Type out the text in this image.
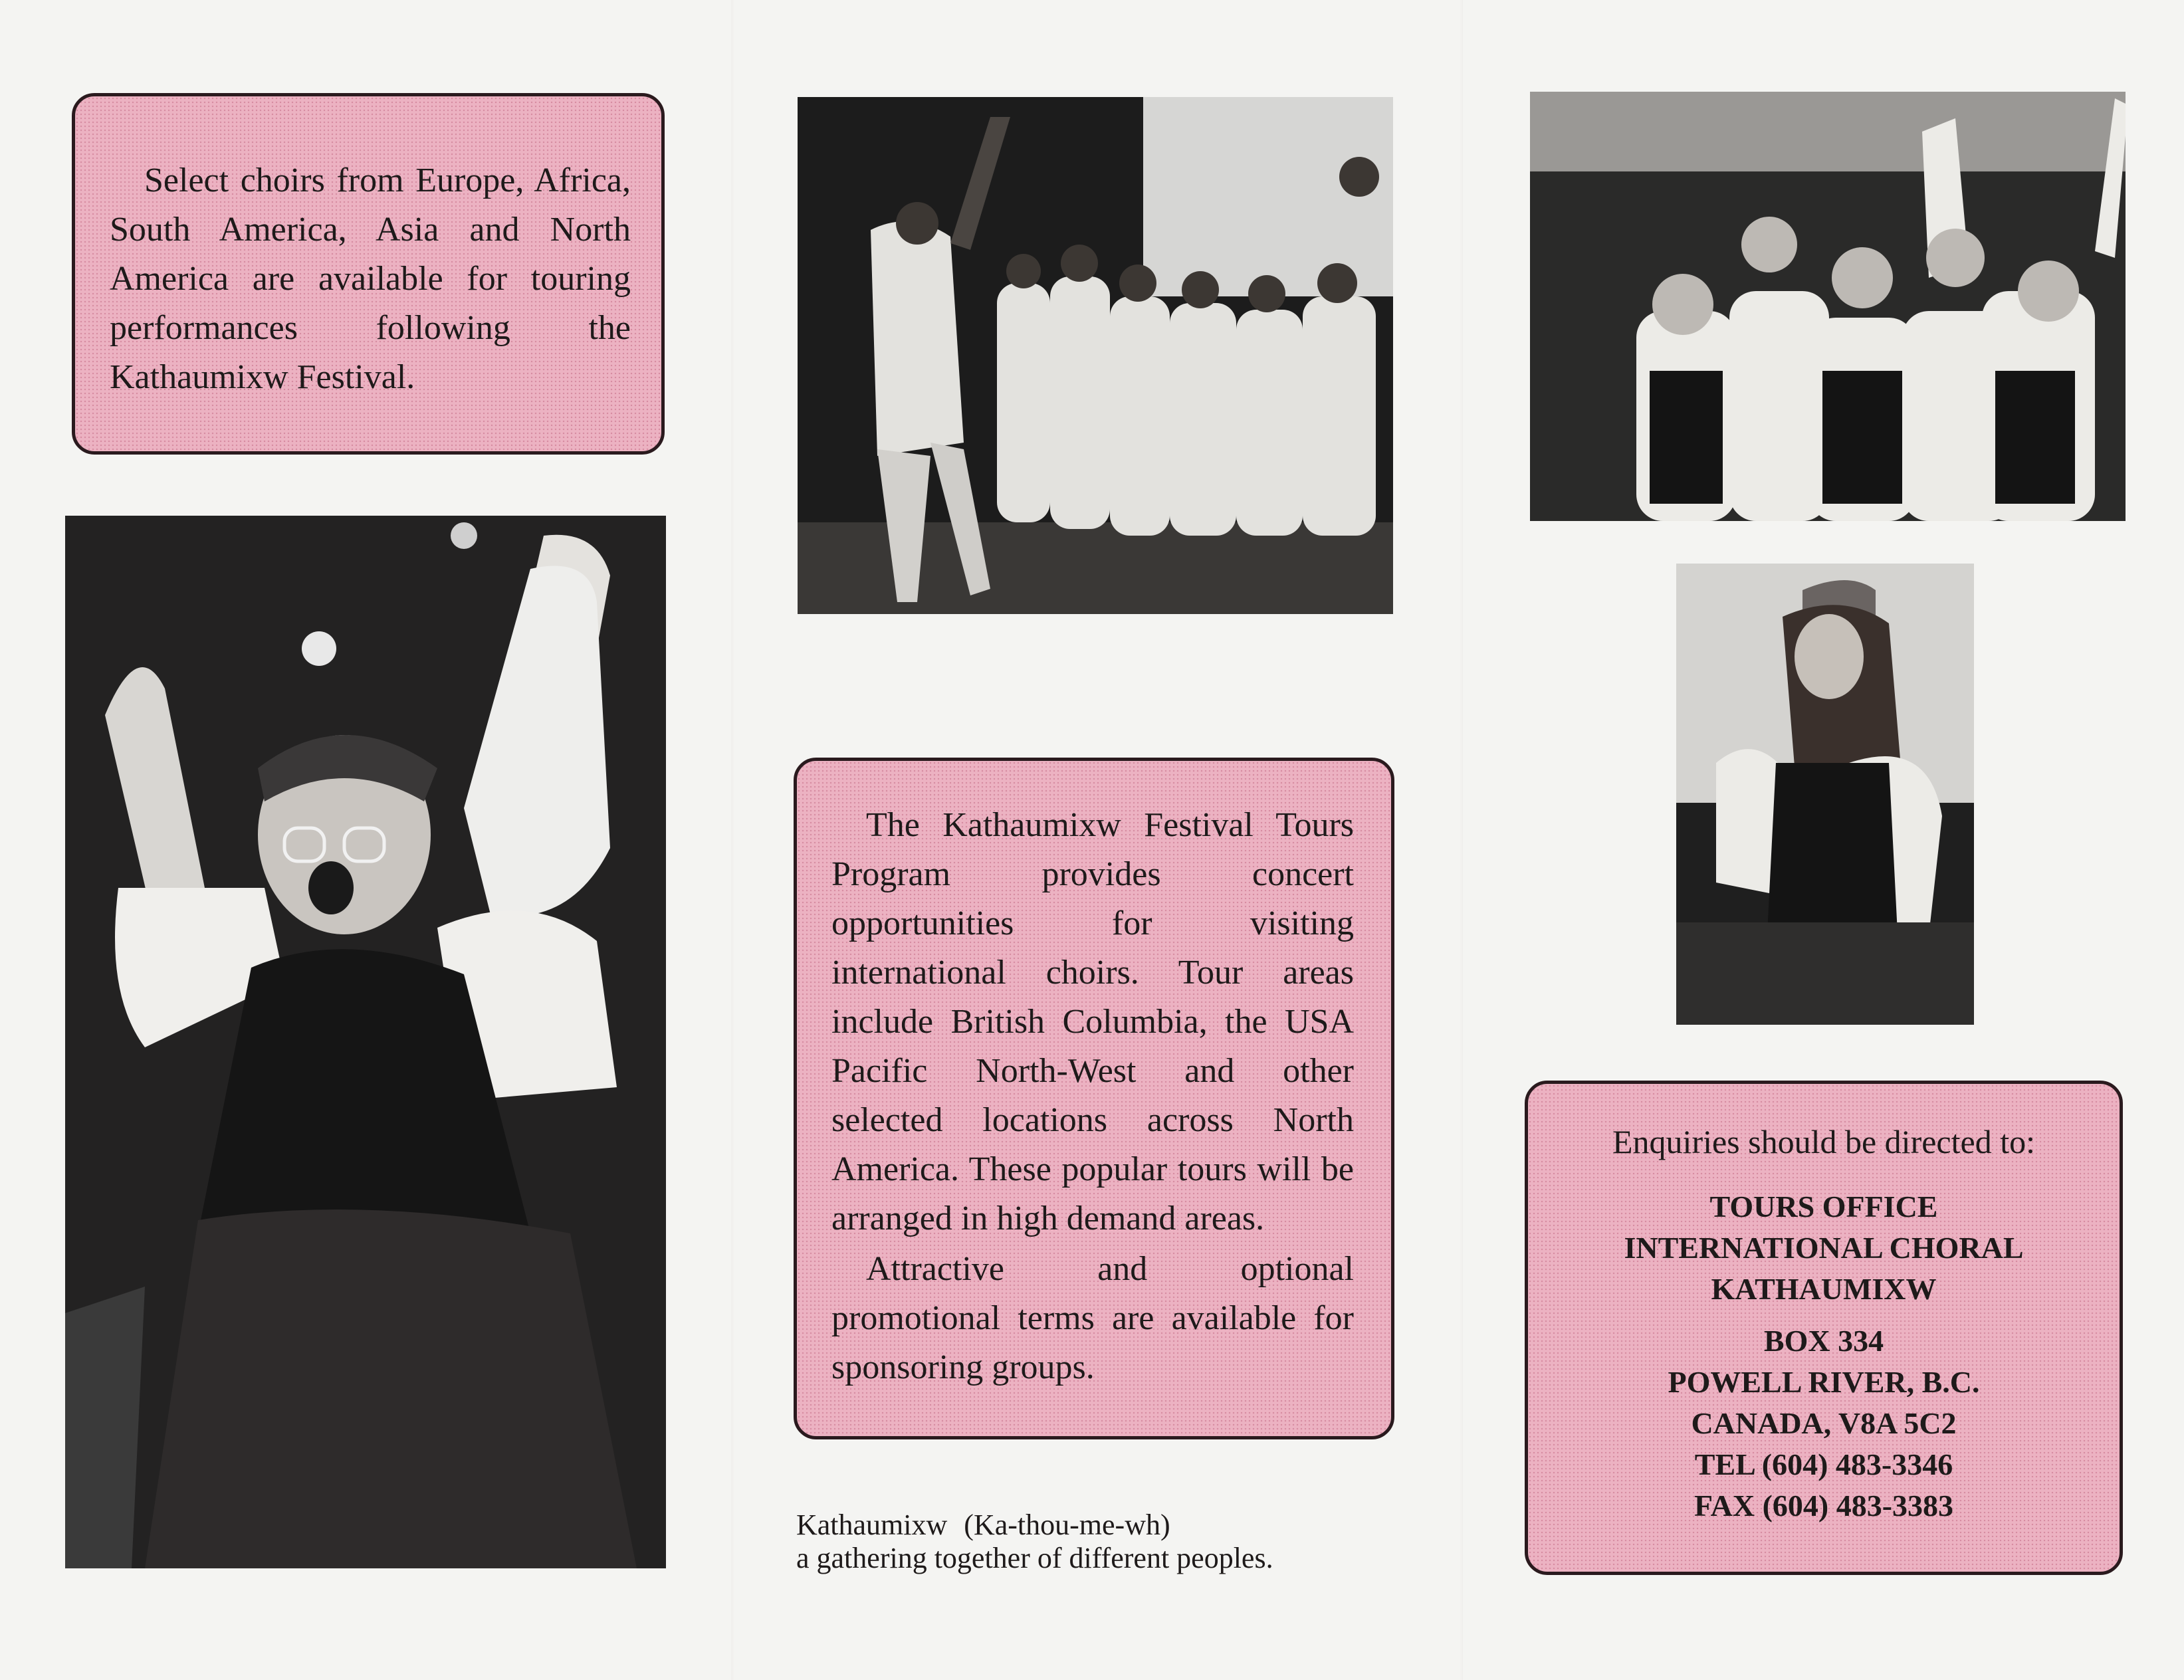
Select choirs from Europe, Africa, South America, Asia and North America are available for touring performances following the Kathaumixw Festival.

The Kathaumixw Festival Tours Program provides concert opportunities for visiting international choirs. Tour areas include British Columbia, the USA Pacific North-West and other selected locations across North America. These popular tours will be arranged in high demand areas.

Attractive and optional promotional terms are available for sponsoring groups.

Kathaumixw (Ka-thou-me-wh)
a gathering together of different peoples.
Enquiries should be directed to:
TOURS OFFICE
INTERNATIONAL CHORAL
KATHAUMIXW
BOX 334
POWELL RIVER, B.C.
CANADA, V8A 5C2
TEL (604) 483-3346
FAX (604) 483-3383
